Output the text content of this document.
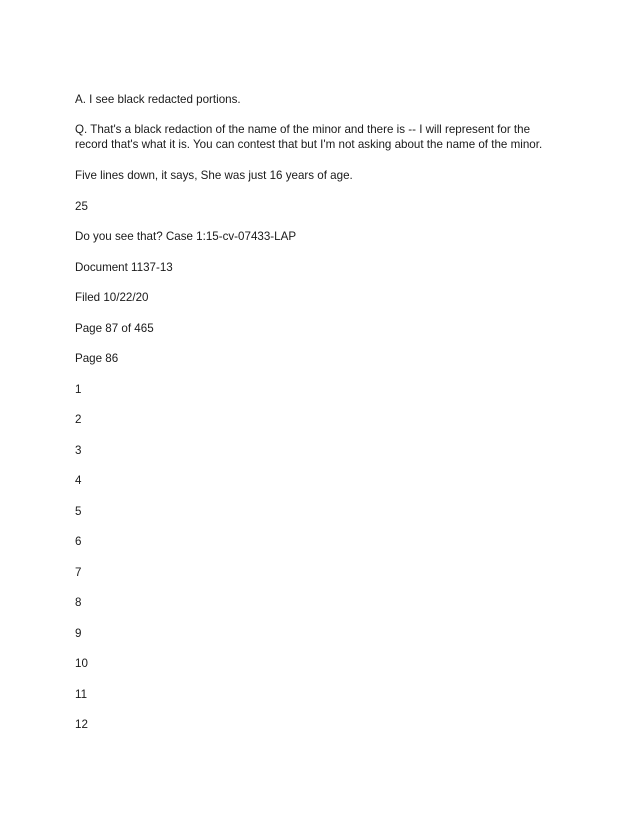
A. I see black redacted portions.
Q. That's a black redaction of the name of the minor and there is -- I will represent for the
record that's what it is. You can contest that but I'm not asking about the name of the minor.
Five lines down, it says, She was just 16 years of age.
25
Do you see that? Case 1:15-cv-07433-LAP
Document 1137-13
Filed 10/22/20
Page 87 of 465
Page 86
1
2
3
4
5
6
7
8
9
10
11
12
